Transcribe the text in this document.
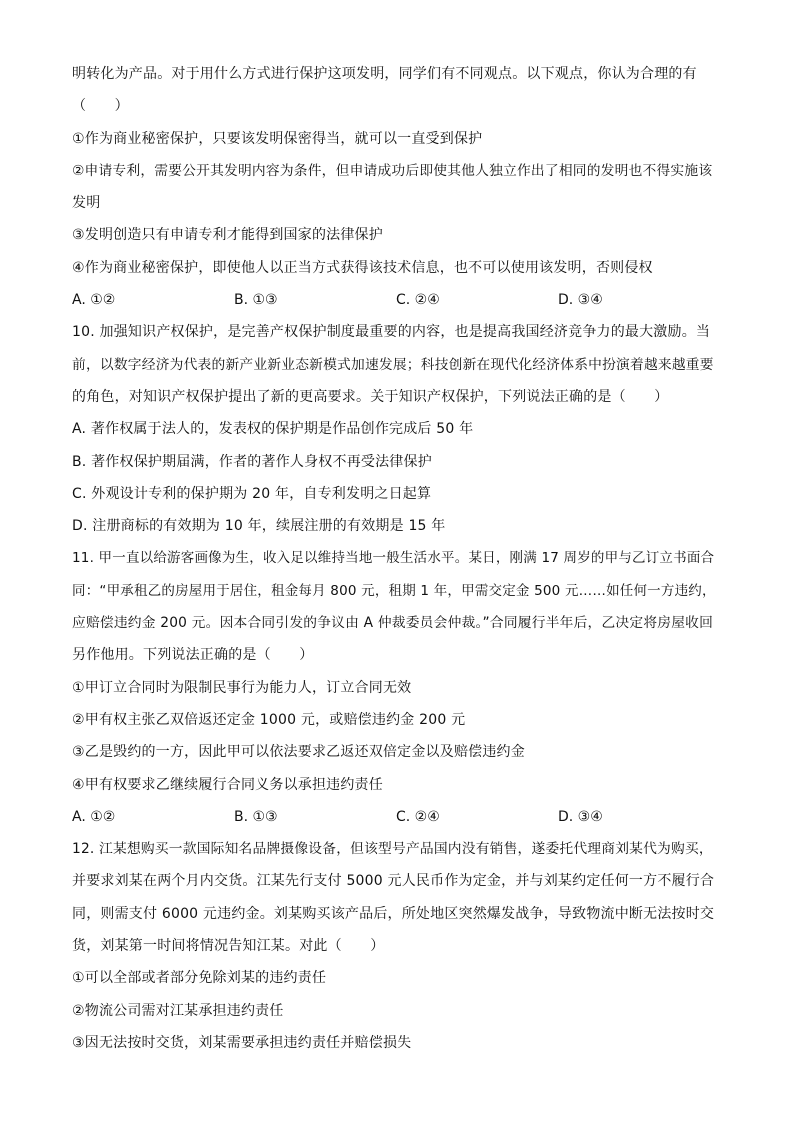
明转化为产品。对于用什么方式进行保护这项发明，同学们有不同观点。以下观点，你认为合理的有
（　　）
①作为商业秘密保护，只要该发明保密得当，就可以一直受到保护
②申请专利，需要公开其发明内容为条件，但申请成功后即使其他人独立作出了相同的发明也不得实施该
发明
③发明创造只有申请专利才能得到国家的法律保护
④作为商业秘密保护，即使他人以正当方式获得该技术信息，也不可以使用该发明，否则侵权
A. ①②	B. ①③	C. ②④	D. ③④
10. 加强知识产权保护，是完善产权保护制度最重要的内容，也是提高我国经济竞争力的最大激励。当
前，以数字经济为代表的新产业新业态新模式加速发展；科技创新在现代化经济体系中扮演着越来越重要
的角色，对知识产权保护提出了新的更高要求。关于知识产权保护，下列说法正确的是（　　）
A. 著作权属于法人的，发表权的保护期是作品创作完成后 50 年
B. 著作权保护期届满，作者的著作人身权不再受法律保护
C. 外观设计专利的保护期为 20 年，自专利发明之日起算
D. 注册商标的有效期为 10 年，续展注册的有效期是 15 年
11. 甲一直以给游客画像为生，收入足以维持当地一般生活水平。某日，刚满 17 周岁的甲与乙订立书面合
同：“甲承租乙的房屋用于居住，租金每月 800 元，租期 1 年，甲需交定金 500 元……如任何一方违约，
应赔偿违约金 200 元。因本合同引发的争议由 A 仲裁委员会仲裁。”合同履行半年后，乙决定将房屋收回
另作他用。下列说法正确的是（　　）
①甲订立合同时为限制民事行为能力人，订立合同无效
②甲有权主张乙双倍返还定金 1000 元，或赔偿违约金 200 元
③乙是毁约的一方，因此甲可以依法要求乙返还双倍定金以及赔偿违约金
④甲有权要求乙继续履行合同义务以承担违约责任
A. ①②	B. ①③	C. ②④	D. ③④
12. 江某想购买一款国际知名品牌摄像设备，但该型号产品国内没有销售，遂委托代理商刘某代为购买，
并要求刘某在两个月内交货。江某先行支付 5000 元人民币作为定金，并与刘某约定任何一方不履行合
同，则需支付 6000 元违约金。刘某购买该产品后，所处地区突然爆发战争，导致物流中断无法按时交
货，刘某第一时间将情况告知江某。对此（　　）
①可以全部或者部分免除刘某的违约责任
②物流公司需对江某承担违约责任
③因无法按时交货，刘某需要承担违约责任并赔偿损失
